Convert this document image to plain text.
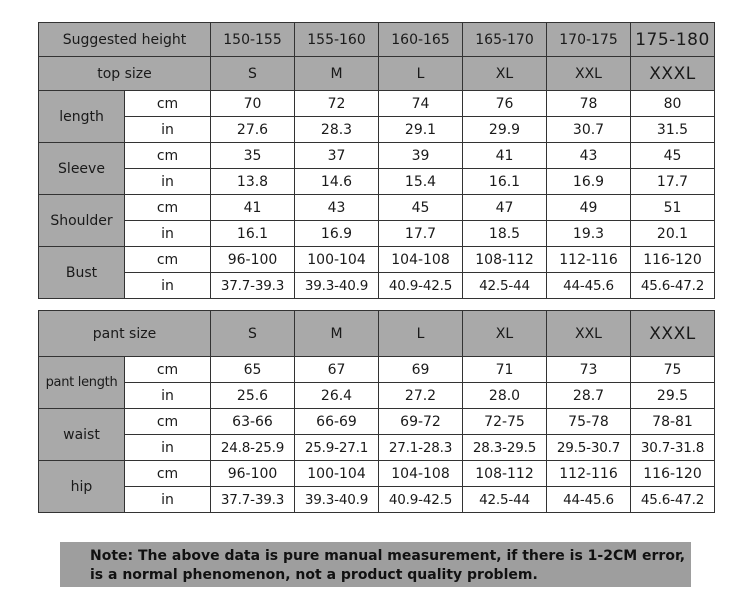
Suggested height		150-155	155-160	160-165	165-170	170-175	175-180
top size		S	M	L	XL	XXL	XXXL
length	cm	70	72	74	76	78	80
	in	27.6	28.3	29.1	29.9	30.7	31.5
Sleeve	cm	35	37	39	41	43	45
	in	13.8	14.6	15.4	16.1	16.9	17.7
Shoulder	cm	41	43	45	47	49	51
	in	16.1	16.9	17.7	18.5	19.3	20.1
Bust	cm	96-100	100-104	104-108	108-112	112-116	116-120
	in	37.7-39.3	39.3-40.9	40.9-42.5	42.5-44	44-45.6	45.6-47.2
pant size		S	M	L	XL	XXL	XXXL
pant length	cm	65	67	69	71	73	75
	in	25.6	26.4	27.2	28.0	28.7	29.5
waist	cm	63-66	66-69	69-72	72-75	75-78	78-81
	in	24.8-25.9	25.9-27.1	27.1-28.3	28.3-29.5	29.5-30.7	30.7-31.8
hip	cm	96-100	100-104	104-108	108-112	112-116	116-120
	in	37.7-39.3	39.3-40.9	40.9-42.5	42.5-44	44-45.6	45.6-47.2
Note: The above data is pure manual measurement, if there is 1-2CM error,
is a normal phenomenon, not a product quality problem.
